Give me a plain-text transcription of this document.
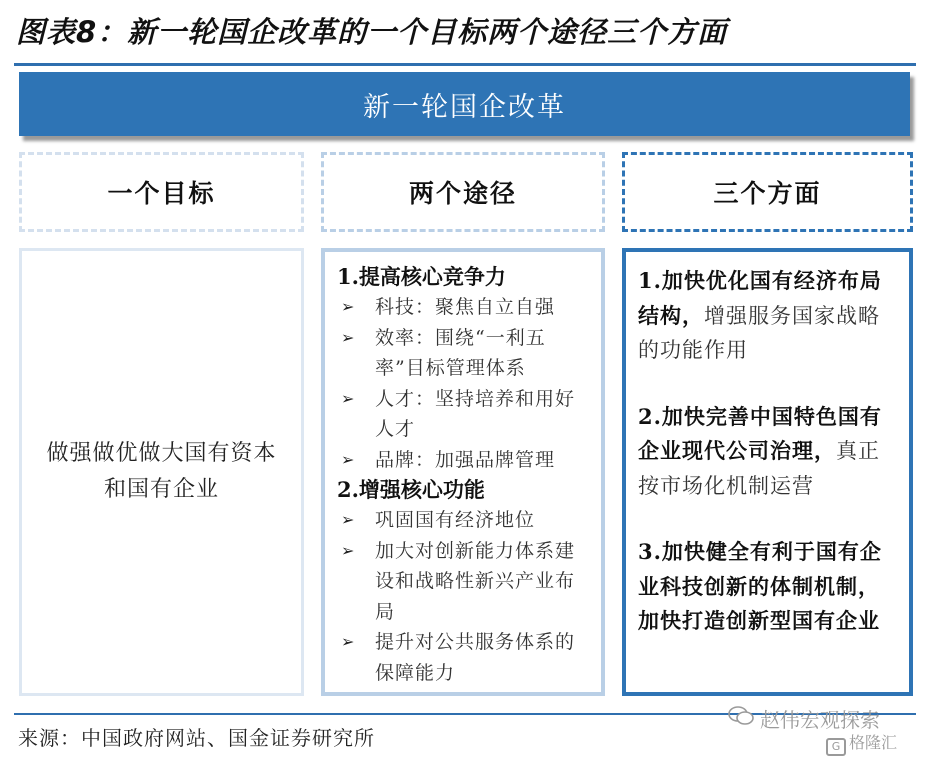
图表8：新一轮国企改革的一个目标两个途径三个方面
新一轮国企改革
一个目标	两个途径	三个方面
做强做优做大国有资本和国有企业
1.提高核心竞争力
➢ 科技：聚焦自立自强
➢ 效率：围绕“一利五率”目标管理体系
➢ 人才：坚持培养和用好人才
➢ 品牌：加强品牌管理
2.增强核心功能
➢ 巩固国有经济地位
➢ 加大对创新能力体系建设和战略性新兴产业布局
➢ 提升对公共服务体系的保障能力
1.加快优化国有经济布局结构，增强服务国家战略的功能作用
2.加快完善中国特色国有企业现代公司治理，真正按市场化机制运营
3.加快健全有利于国有企业科技创新的体制机制，加快打造创新型国有企业
来源：中国政府网站、国金证券研究所
赵伟宏观探索
G 格隆汇
